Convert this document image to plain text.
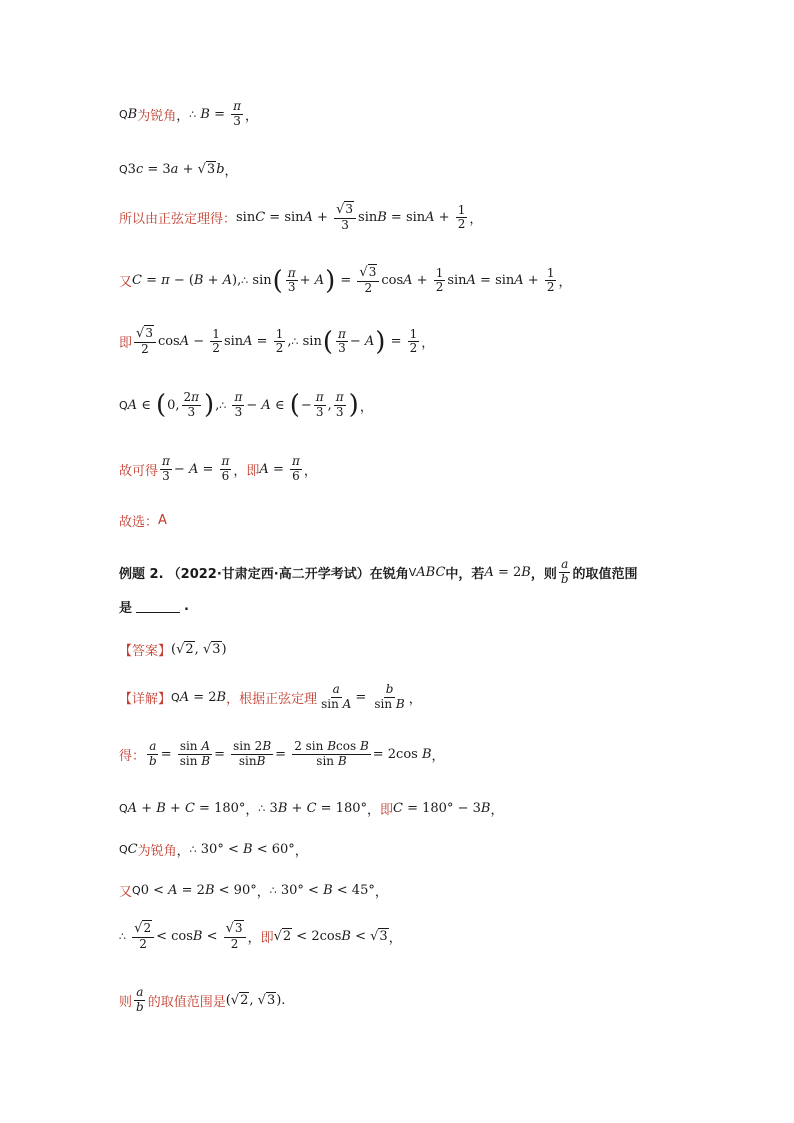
Q B 为锐角 ， ∴
$B = \frac{\pi}{3}$ ，
Q 3 c = 3 a + √3 b ，
所以由正弦定理得： $\sin C = \sin A + \frac{√3}{3}$ $\sin B = \sin A + \frac{1}{2}$ ，
又 C = π − ( B + A ), ∴ sin ( $\frac{\pi}{3} + A$ ) = $\frac{√3}{2}$ $\cos A + \frac{1}{2}$ $\sin A = \sin A + \frac{1}{2}$ ，
即 $\frac{√3}{2}$ $\cos A - \frac{1}{2}$ $\sin A = \frac{1}{2}$ , ∴ sin ( $\frac{\pi}{3} - A$ ) = $\frac{1}{2}$ ，
Q A ∈ ( 0, $\frac{2\pi}{3}$ ) , ∴
$\frac{\pi}{3} - A$ ∈ ( − $\frac{\pi}{3}$ , $\frac{\pi}{3}$ ) ，
故可得 $\frac{\pi}{3} - A = \frac{\pi}{6}$ ， 即 $A = \frac{\pi}{6}$ ，
故选： A
例题 2.
（2022·甘肃定西·高二开学考试） 在锐角 V ABC 中， 若 A = 2 B ， 则 $\frac{a}{b}$ 的取值范围
是	.
【答案】 ( √2 , √3 )
【详解】 Q A = 2 B ，根据正弦定理 $\frac{a}{\text{sin A}} = \frac{b}{\text{sin B}}$ ，
得： $\frac{a}{b} = \frac{\text{sin A}}{\text{sin B}} = \frac{\sin 2B}{\sin B} = \frac{\text{2 sin Bcos B}}{\text{sin B}} = 2\cos$ B ，
Q A + B + C = 180° ， ∴ 3 B + C = 180° ， 即 C = 180° − 3 B ，
Q C 为锐角 ， ∴ 30° < B < 60° ，
又 Q 0 < A = 2 B < 90° ， ∴ 30° < B < 45° ，
∴
$\frac{√2}{2} < \cos B < \frac{√3}{2}$ ， 即 √2 < 2cos B < √3 ，
则 $\frac{a}{b}$ 的取值范围是 ( √2 , √3 ).
